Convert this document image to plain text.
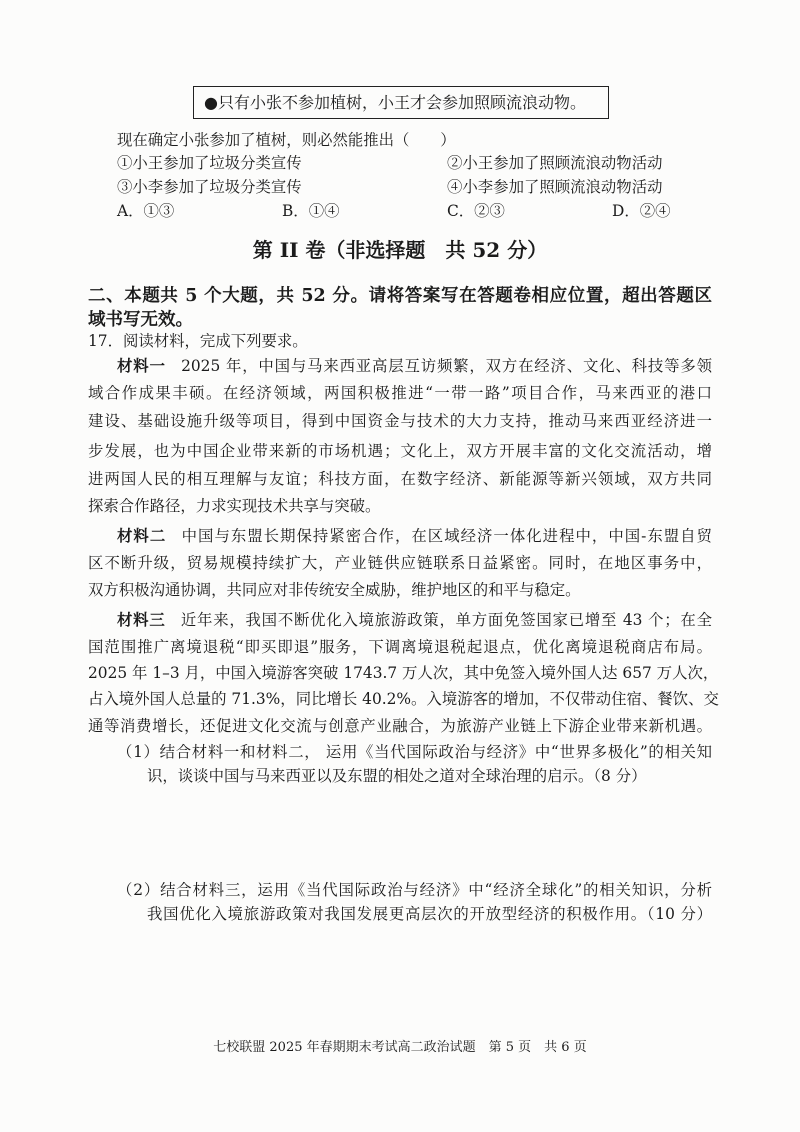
●只有小张不参加植树，小王才会参加照顾流浪动物。
现在确定小张参加了植树，则必然能推出（　　）
①小王参加了垃圾分类宣传	②小王参加了照顾流浪动物活动
③小李参加了垃圾分类宣传	④小李参加了照顾流浪动物活动
A．①③	B．①④	C．②③	D．②④
第 II 卷（非选择题　共 52 分）
二、本题共 5 个大题，共 52 分。请将答案写在答题卷相应位置，超出答题区
域书写无效。
17．阅读材料，完成下列要求。
材料一 2025 年，中国与马来西亚高层互访频繁，双方在经济、文化、科技等多领
域合作成果丰硕。在经济领域，两国积极推进“一带一路”项目合作，马来西亚的港口
建设、基础设施升级等项目，得到中国资金与技术的大力支持，推动马来西亚经济进一
步发展，也为中国企业带来新的市场机遇；文化上，双方开展丰富的文化交流活动，增
进两国人民的相互理解与友谊；科技方面，在数字经济、新能源等新兴领域，双方共同
探索合作路径，力求实现技术共享与突破。
材料二 中国与东盟长期保持紧密合作，在区域经济一体化进程中，中国-东盟自贸
区不断升级，贸易规模持续扩大，产业链供应链联系日益紧密。同时，在地区事务中，
双方积极沟通协调，共同应对非传统安全威胁，维护地区的和平与稳定。
材料三 近年来，我国不断优化入境旅游政策，单方面免签国家已增至 43 个；在全
国范围推广离境退税“即买即退”服务，下调离境退税起退点，优化离境退税商店布局。
2025 年 1–3 月，中国入境游客突破 1743.7 万人次，其中免签入境外国人达 657 万人次，
占入境外国人总量的 71.3%，同比增长 40.2%。入境游客的增加，不仅带动住宿、餐饮、交
通等消费增长，还促进文化交流与创意产业融合，为旅游产业链上下游企业带来新机遇。
（1）结合材料一和材料二， 运用《当代国际政治与经济》中“世界多极化”的相关知
识，谈谈中国与马来西亚以及东盟的相处之道对全球治理的启示。（8 分）
（2）结合材料三，运用《当代国际政治与经济》中“经济全球化”的相关知识，分析
我国优化入境旅游政策对我国发展更高层次的开放型经济的积极作用。（10 分）
七校联盟 2025 年春期期末考试高二政治试题　第 5 页　共 6 页
